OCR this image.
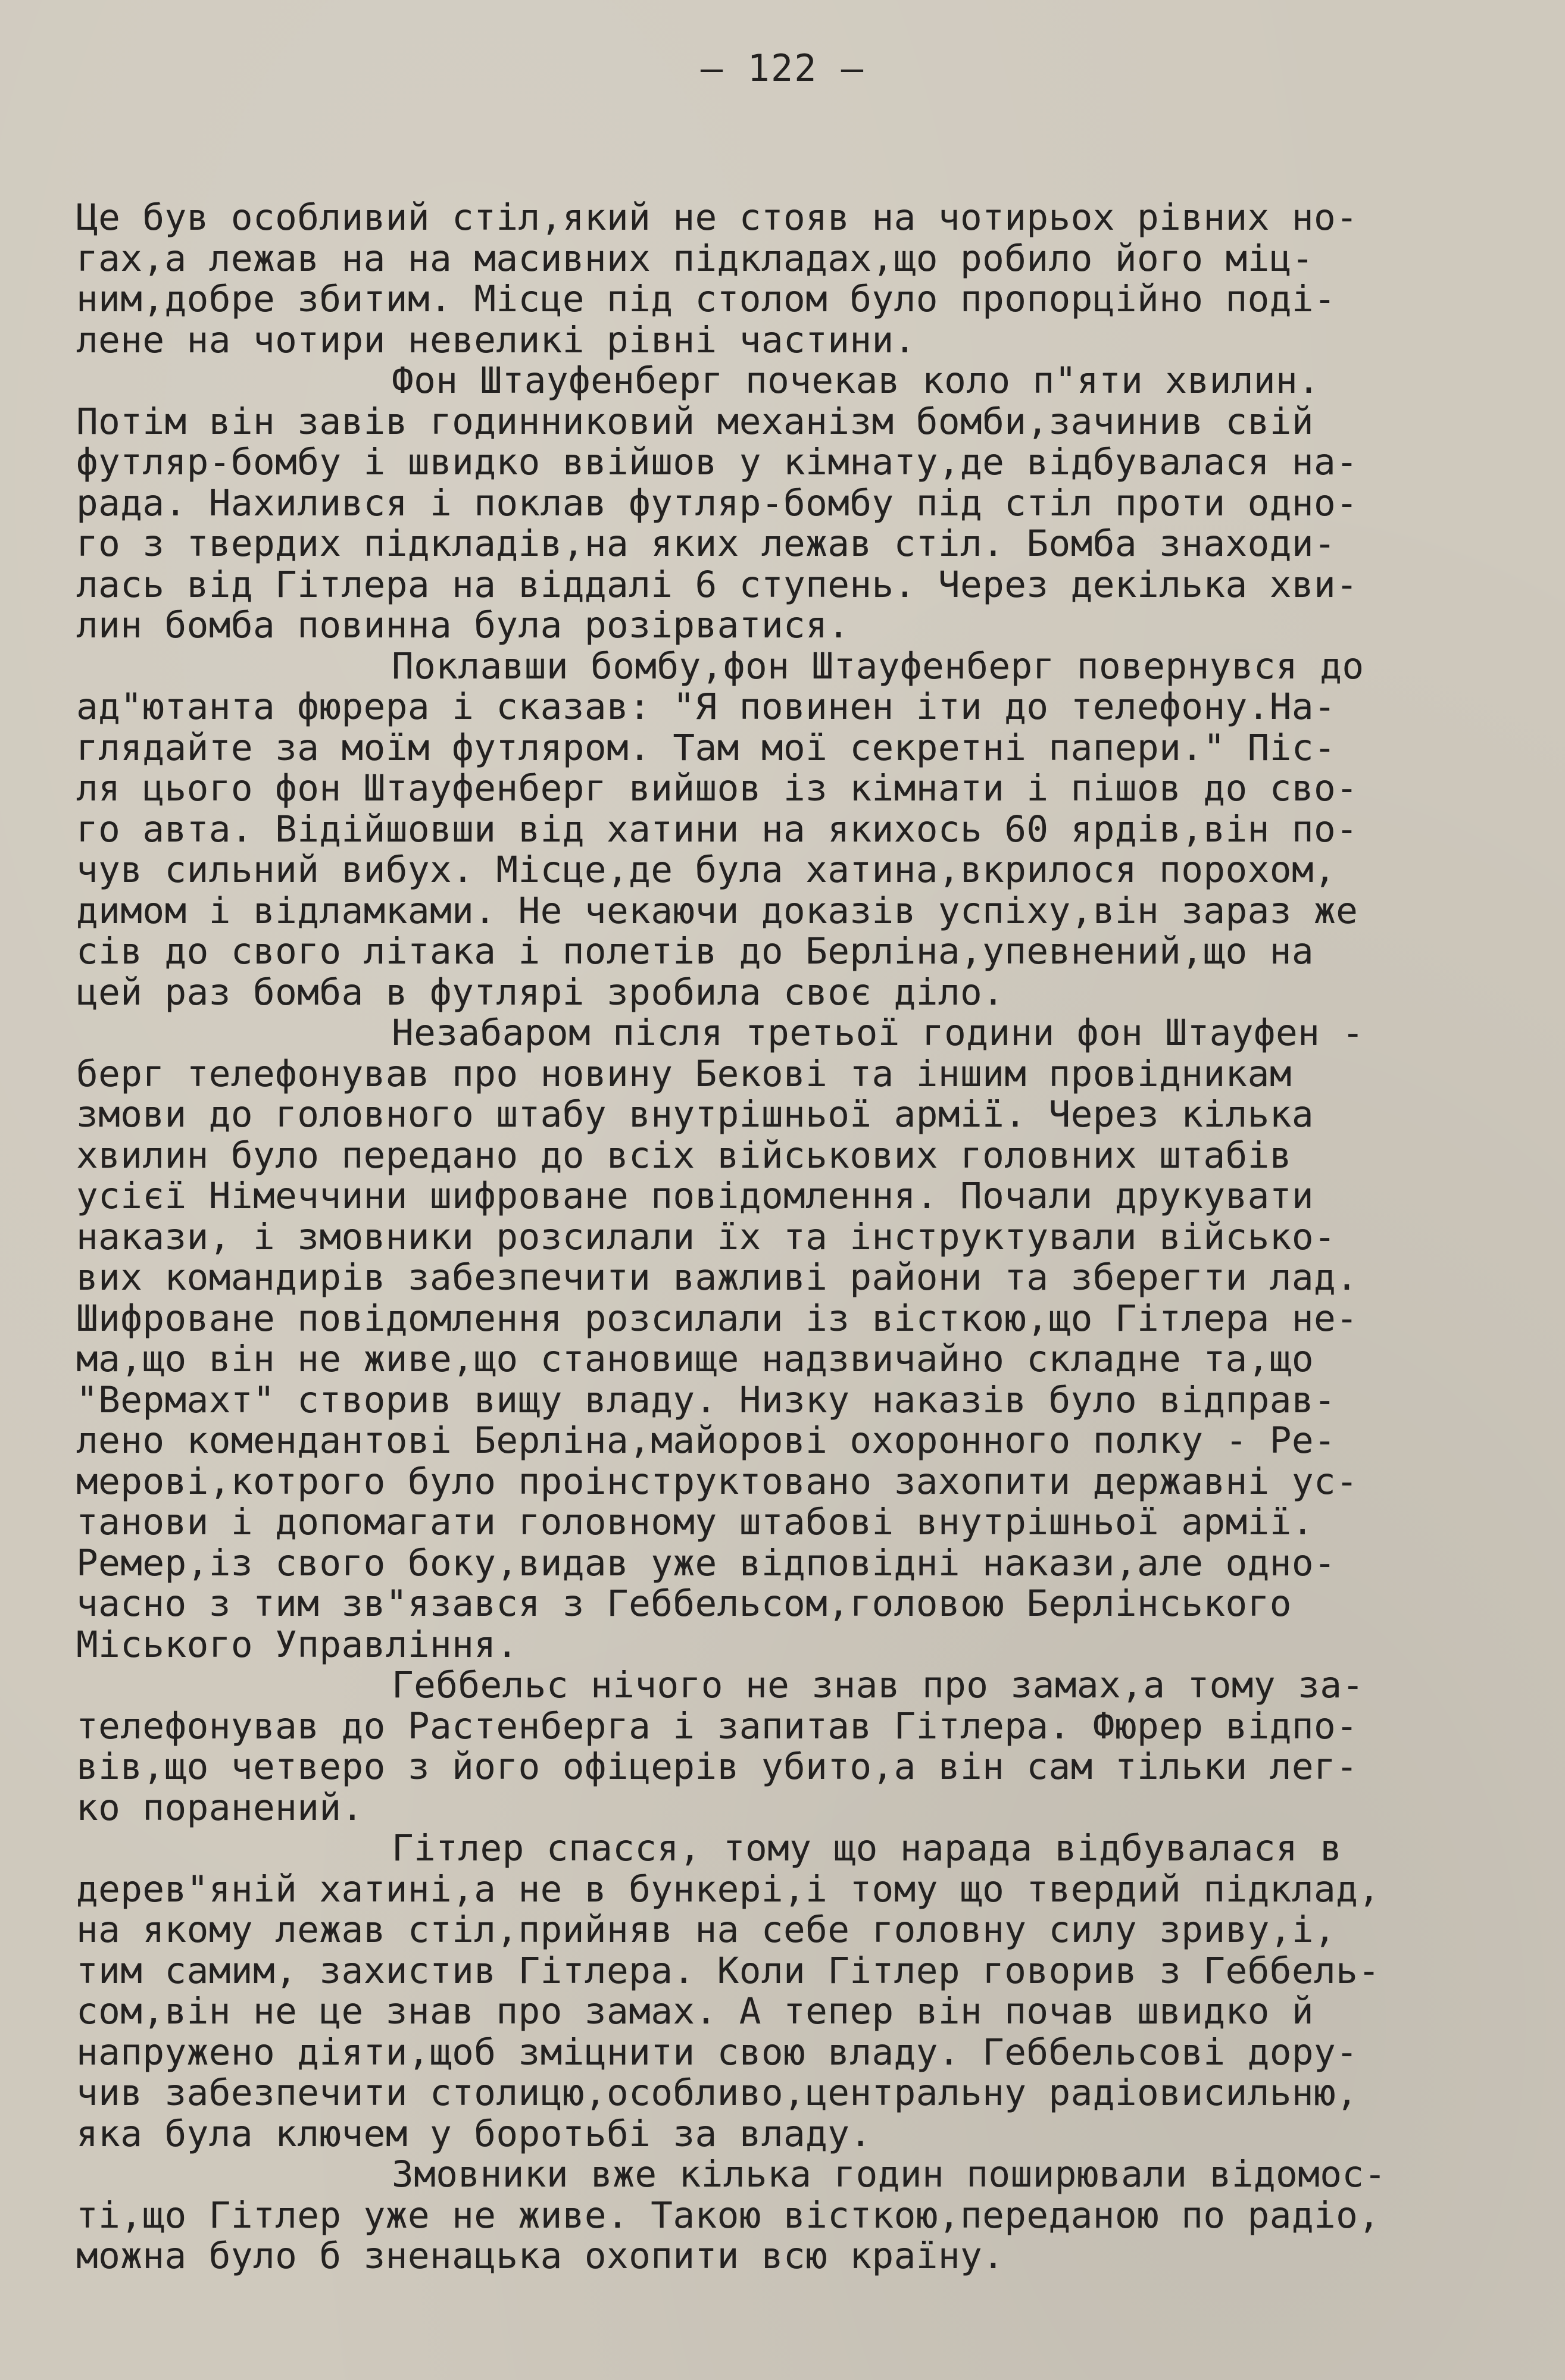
– 122 –
Це був особливий стіл,який не стояв на чотирьох рівних но-
гах,а лежав на на масивних підкладах,що робило його міц-
ним,добре збитим. Місце під столом було пропорційно поді-
лене на чотири невеликі рівні частини.
Фон Штауфенберг почекав коло п"яти хвилин.
Потім він завів годинниковий механізм бомби,зачинив свій
футляр-бомбу і швидко ввійшов у кімнату,де відбувалася на-
рада. Нахилився і поклав футляр-бомбу під стіл проти одно-
го з твердих підкладів,на яких лежав стіл. Бомба знаходи-
лась від Гітлера на віддалі 6 ступень. Через декілька хви-
лин бомба повинна була розірватися.
Поклавши бомбу,фон Штауфенберг повернувся до
ад"ютанта фюрера і сказав: "Я повинен іти до телефону.На-
глядайте за моїм футляром. Там мої секретні папери." Піс-
ля цього фон Штауфенберг вийшов із кімнати і пішов до сво-
го авта. Відійшовши від хатини на якихось 60 ярдів,він по-
чув сильний вибух. Місце,де була хатина,вкрилося порохом,
димом і відламками. Не чекаючи доказів успіху,він зараз же
сів до свого літака і полетів до Берліна,упевнений,що на
цей раз бомба в футлярі зробила своє діло.
Незабаром після третьої години фон Штауфен -
берг телефонував про новину Бекові та іншим провідникам
змови до головного штабу внутрішньої армії. Через кілька
хвилин було передано до всіх військових головних штабів
усієї Німеччини шифроване повідомлення. Почали друкувати
накази, і змовники розсилали їх та інструктували військо-
вих командирів забезпечити важливі райони та зберегти лад.
Шифроване повідомлення розсилали із вісткою,що Гітлера не-
ма,що він не живе,що становище надзвичайно складне та,що
"Вермахт" створив вищу владу. Низку наказів було відправ-
лено комендантові Берліна,майорові охоронного полку - Ре-
мерові,котрого було проінструктовано захопити державні ус-
танови і допомагати головному штабові внутрішньої армії.
Ремер,із свого боку,видав уже відповідні накази,але одно-
часно з тим зв"язався з Геббельсом,головою Берлінського
Міського Управління.
Геббельс нічого не знав про замах,а тому за-
телефонував до Растенберга і запитав Гітлера. Фюрер відпо-
вів,що четверо з його офіцерів убито,а він сам тільки лег-
ко поранений.
Гітлер спасся, тому що нарада відбувалася в
дерев"яній хатині,а не в бункері,і тому що твердий підклад,
на якому лежав стіл,прийняв на себе головну силу зриву,і,
тим самим, захистив Гітлера. Коли Гітлер говорив з Геббель-
сом,він не це знав про замах. А тепер він почав швидко й
напружено діяти,щоб зміцнити свою владу. Геббельсові дору-
чив забезпечити столицю,особливо,центральну радіовисильню,
яка була ключем у боротьбі за владу.
Змовники вже кілька годин поширювали відомос-
ті,що Гітлер уже не живе. Такою вісткою,переданою по радіо,
можна було б зненацька охопити всю країну.
